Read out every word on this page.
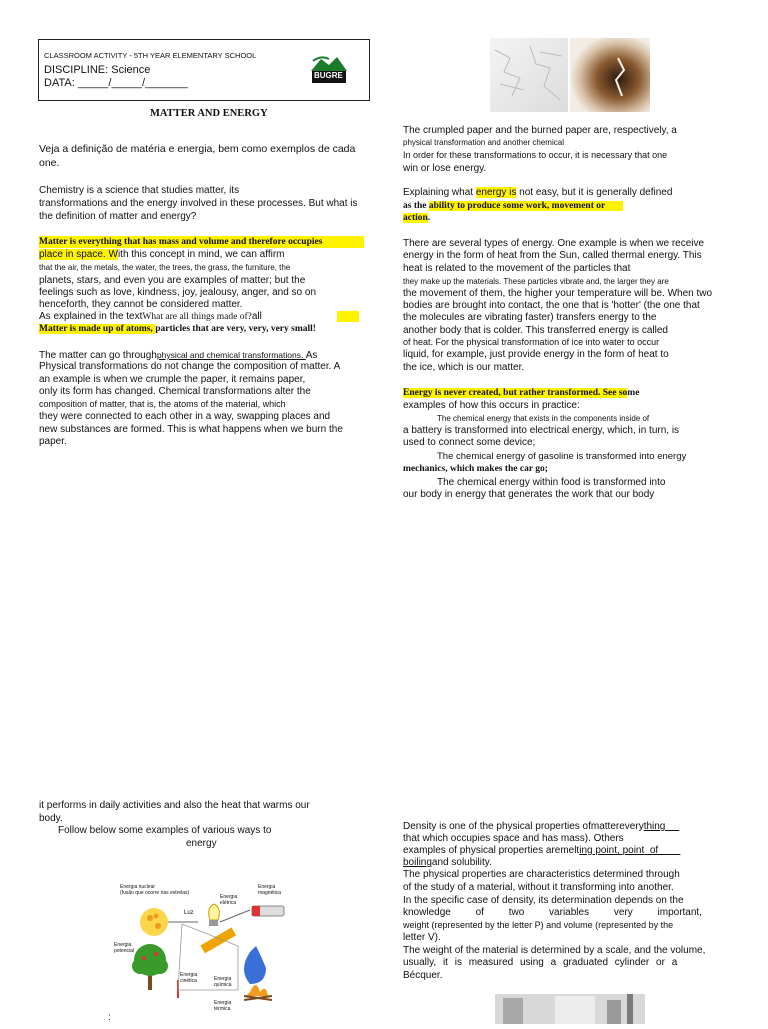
CLASSROOM ACTIVITY - 5TH YEAR ELEMENTARY SCHOOL
DISCIPLINE: Science
DATA: _____/_____/_______
BUGRE
MATTER AND ENERGY
Veja a definição de matéria e energia, bem como exemplos de cada
one.
Chemistry is a science that studies matter, its
transformations and the energy involved in these processes. But what is
the definition of matter and energy?
Matter is everything that has mass and volume and therefore occupies
place in space. With this concept in mind, we can affirm
that the air, the metals, the water, the trees, the grass, the furniture, the
planets, stars, and even you are examples of matter; but the
feelings such as love, kindness, joy, jealousy, anger, and so on
henceforth, they cannot be considered matter.
As explained in the textWhat are all things made of?all
Matter is made up of atoms, particles that are very, very, very small!
The matter can go throughphysical and chemical transformations. As
Physical transformations do not change the composition of matter. A
an example is when we crumple the paper, it remains paper,
only its form has changed. Chemical transformations alter the
composition of matter, that is, the atoms of the material, which
they were connected to each other in a way, swapping places and
new substances are formed. This is what happens when we burn the
paper.
The crumpled paper and the burned paper are, respectively, a
physical transformation and another chemical
In order for these transformations to occur, it is necessary that one
win or lose energy.
Explaining what energy is not easy, but it is generally defined
as the ability to produce some work, movement or
action.
There are several types of energy. One example is when we receive
energy in the form of heat from the Sun, called thermal energy. This
heat is related to the movement of the particles that
they make up the materials. These particles vibrate and, the larger they are
the movement of them, the higher your temperature will be. When two
bodies are brought into contact, the one that is 'hotter' (the one that
the molecules are vibrating faster) transfers energy to the
another body that is colder. This transferred energy is called
of heat. For the physical transformation of ice into water to occur
liquid, for example, just provide energy in the form of heat to
the ice, which is our matter.
Energy is never created, but rather transformed. See some
examples of how this occurs in practice:
The chemical energy that exists in the components inside of
a battery is transformed into electrical energy, which, in turn, is
used to connect some device;
The chemical energy of gasoline is transformed into energy
mechanics, which makes the car go;
The chemical energy within food is transformed into
our body in energy that generates the work that our body
it performs in daily activities and also the heat that warms our
body.
Follow below some examples of various ways to
energy
Energia nuclear
(fusão que ocorre nas estrelas)
Luz
Energia elétrica
Energia magnética
Energia potencial
Energia cinética	Energia química
Energia térmica
:
Density is one of the physical properties ofmattereverything
that which occupies space and has mass). Others
examples of physical properties aremelting point, point  of
boilingand solubility.
The physical properties are characteristics determined through
of the study of a material, without it transforming into another.
In the specific case of density, its determination depends on the
knowledge of two variables very important,
weight (represented by the letter P) and volume (represented by the
letter V).
The weight of the material is determined by a scale, and the volume,
usually, it is measured using a graduated cylinder or a
Bécquer.
